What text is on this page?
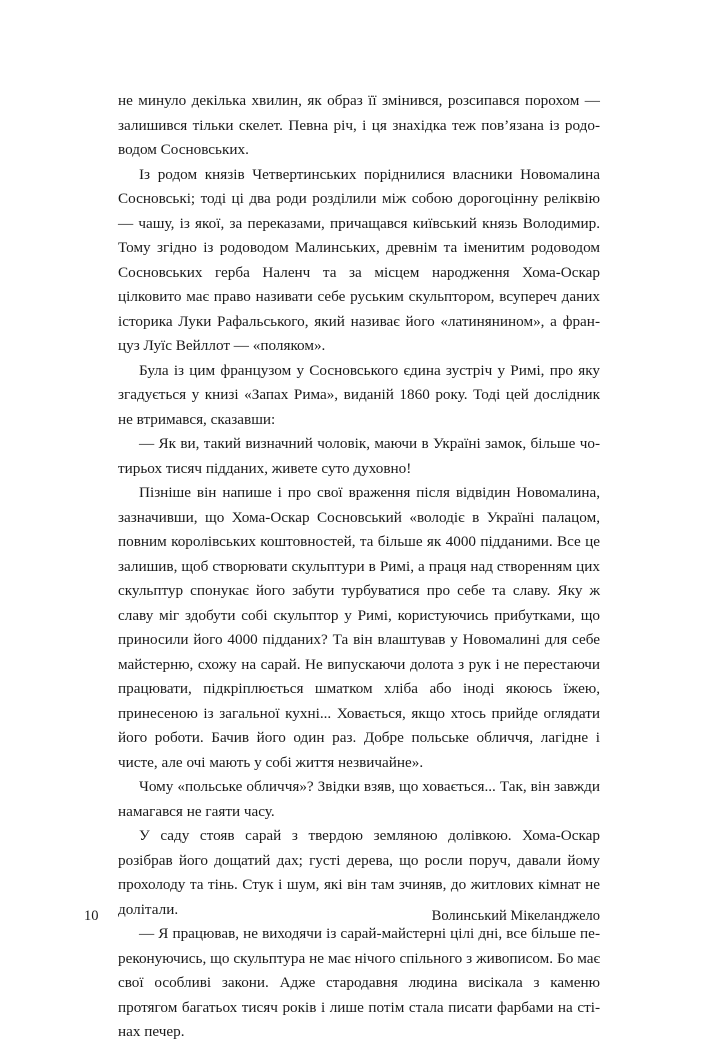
не минуло декілька хвилин, як образ її змінився, розсипався порохом — залишився тільки скелет. Певна річ, і ця знахідка теж пов’язана із родоводом Сосновських.

Із родом князів Четвертинських поріднилися власники Новомалина Сосновські; тоді ці два роди розділили між собою дорогоцінну реліквію — чашу, із якої, за переказами, причащався київський князь Володимир. Тому згідно із родоводом Малинських, древнім та іменитим родоводом Сосновських герба Наленч та за місцем народження Хома-Оскар цілковито має право називати себе руським скульптором, всупереч даних історика Луки Рафальського, який називає його «латинянином», а француз Луїс Вейллот — «поляком».

Була із цим французом у Сосновського єдина зустріч у Римі, про яку згадується у книзі «Запах Рима», виданій 1860 року. Тоді цей дослідник не втримався, сказавши:

— Як ви, такий визначний чоловік, маючи в Україні замок, більше чотирьох тисяч підданих, живете суто духовно!

Пізніше він напише і про свої враження після відвідин Новомалина, зазначивши, що Хома-Оскар Сосновський «володіє в Україні палацом, повним королівських коштовностей, та більше як 4000 підданими. Все це залишив, щоб створювати скульптури в Римі, а праця над створенням цих скульптур спонукає його забути турбуватися про себе та славу. Яку ж славу міг здобути собі скульптор у Римі, користуючись прибутками, що приносили його 4000 підданих? Та він влаштував у Новомалині для себе майстерню, схожу на сарай. Не випускаючи долота з рук і не перестаючи працювати, підкріплюється шматком хліба або іноді якоюсь їжею, принесеною із загальної кухні... Ховається, якщо хтось прийде оглядати його роботи. Бачив його один раз. Добре польське обличчя, лагідне і чисте, але очі мають у собі життя незвичайне».

Чому «польське обличчя»? Звідки взяв, що ховається... Так, він завжди намагався не гаяти часу.

У саду стояв сарай з твердою земляною долівкою. Хома-Оскар розібрав його дощатий дах; густі дерева, що росли поруч, давали йому прохолоду та тінь. Стук і шум, які він там зчиняв, до житлових кімнат не долітали.

— Я працював, не виходячи із сарай-майстерні цілі дні, все більше переконуючись, що скульптура не має нічого спільного з живописом. Бо має свої особливі закони. Адже стародавня людина висікала з каменю протягом багатьох тисяч років і лише потім стала писати фарбами на стінах печер.

10	Волинський Мікеланджело
